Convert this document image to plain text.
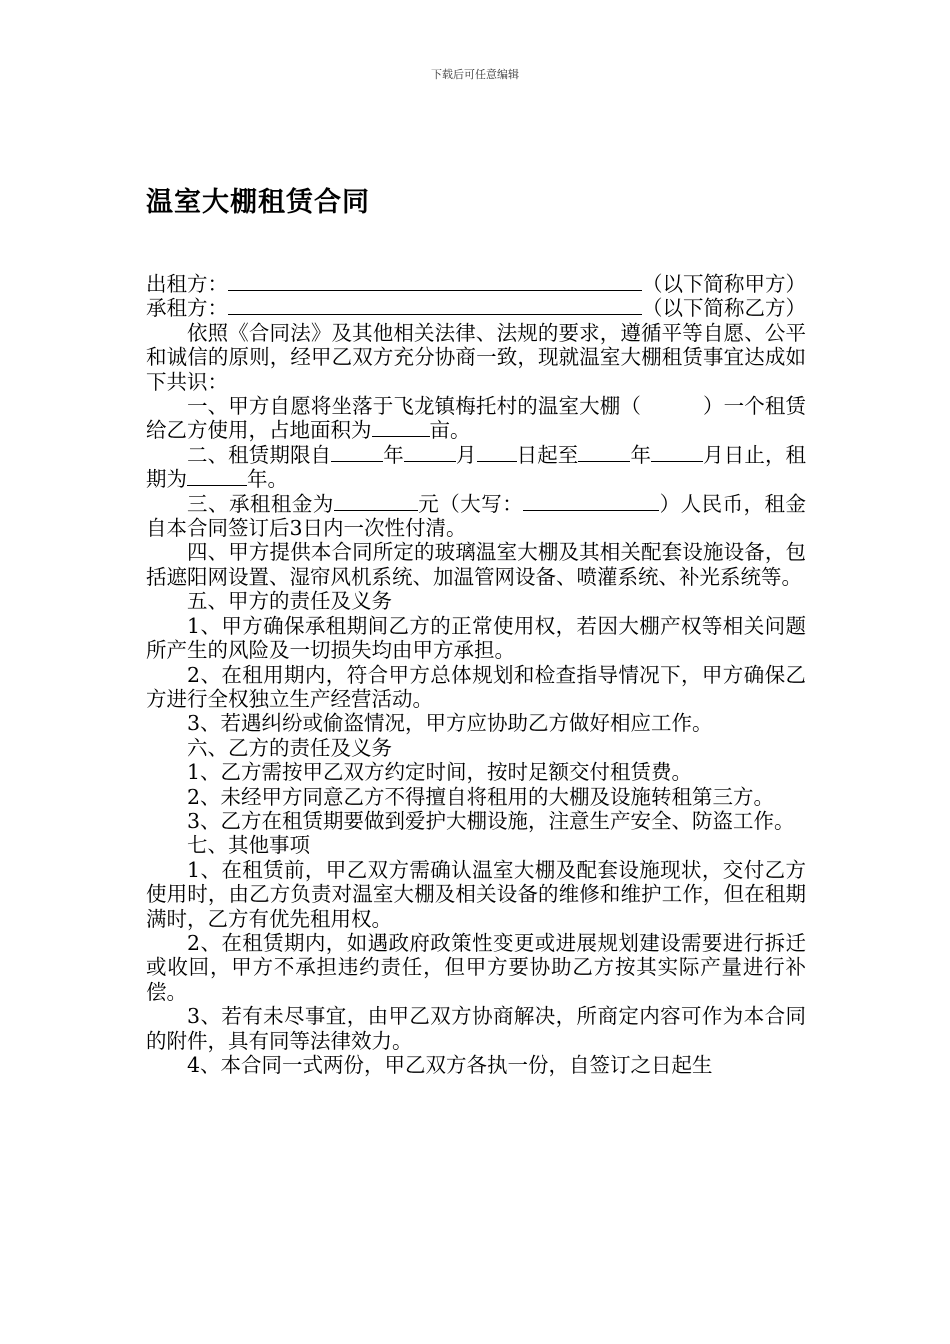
下载后可任意编辑
温室大棚租赁合同

出租方：	（以下简称甲方）

承租方：	（以下简称乙方）

依照《合同法》及其他相关法律、法规的要求，遵循平等自愿、公平和诚信的原则，经甲乙双方充分协商一致，现就温室大棚租赁事宜达成如下共识：

一、甲方自愿将坐落于飞龙镇梅托村的温室大棚（　　　）一个租赁给乙方使用，占地面积为	亩。

二、租赁期限自	年	月 日起至	年	月日止，租期为	年。

三、承租租金为	元（大写：	）人民币，租金自本合同签订后3日内一次性付清。

四、甲方提供本合同所定的玻璃温室大棚及其相关配套设施设备，包括遮阳网设置、湿帘风机系统、加温管网设备、喷灌系统、补光系统等。

五、甲方的责任及义务

1、甲方确保承租期间乙方的正常使用权，若因大棚产权等相关问题所产生的风险及一切损失均由甲方承担。

2、在租用期内，符合甲方总体规划和检查指导情况下，甲方确保乙方进行全权独立生产经营活动。

3、若遇纠纷或偷盗情况，甲方应协助乙方做好相应工作。

六、乙方的责任及义务

1、乙方需按甲乙双方约定时间，按时足额交付租赁费。

2、未经甲方同意乙方不得擅自将租用的大棚及设施转租第三方。

3、乙方在租赁期要做到爱护大棚设施，注意生产安全、防盗工作。

七、其他事项

1、在租赁前，甲乙双方需确认温室大棚及配套设施现状，交付乙方使用时，由乙方负责对温室大棚及相关设备的维修和维护工作，但在租期满时，乙方有优先租用权。

2、在租赁期内，如遇政府政策性变更或进展规划建设需要进行拆迁或收回，甲方不承担违约责任，但甲方要协助乙方按其实际产量进行补偿。

3、若有未尽事宜，由甲乙双方协商解决，所商定内容可作为本合同的附件，具有同等法律效力。

4、本合同一式两份，甲乙双方各执一份，自签订之日起生
